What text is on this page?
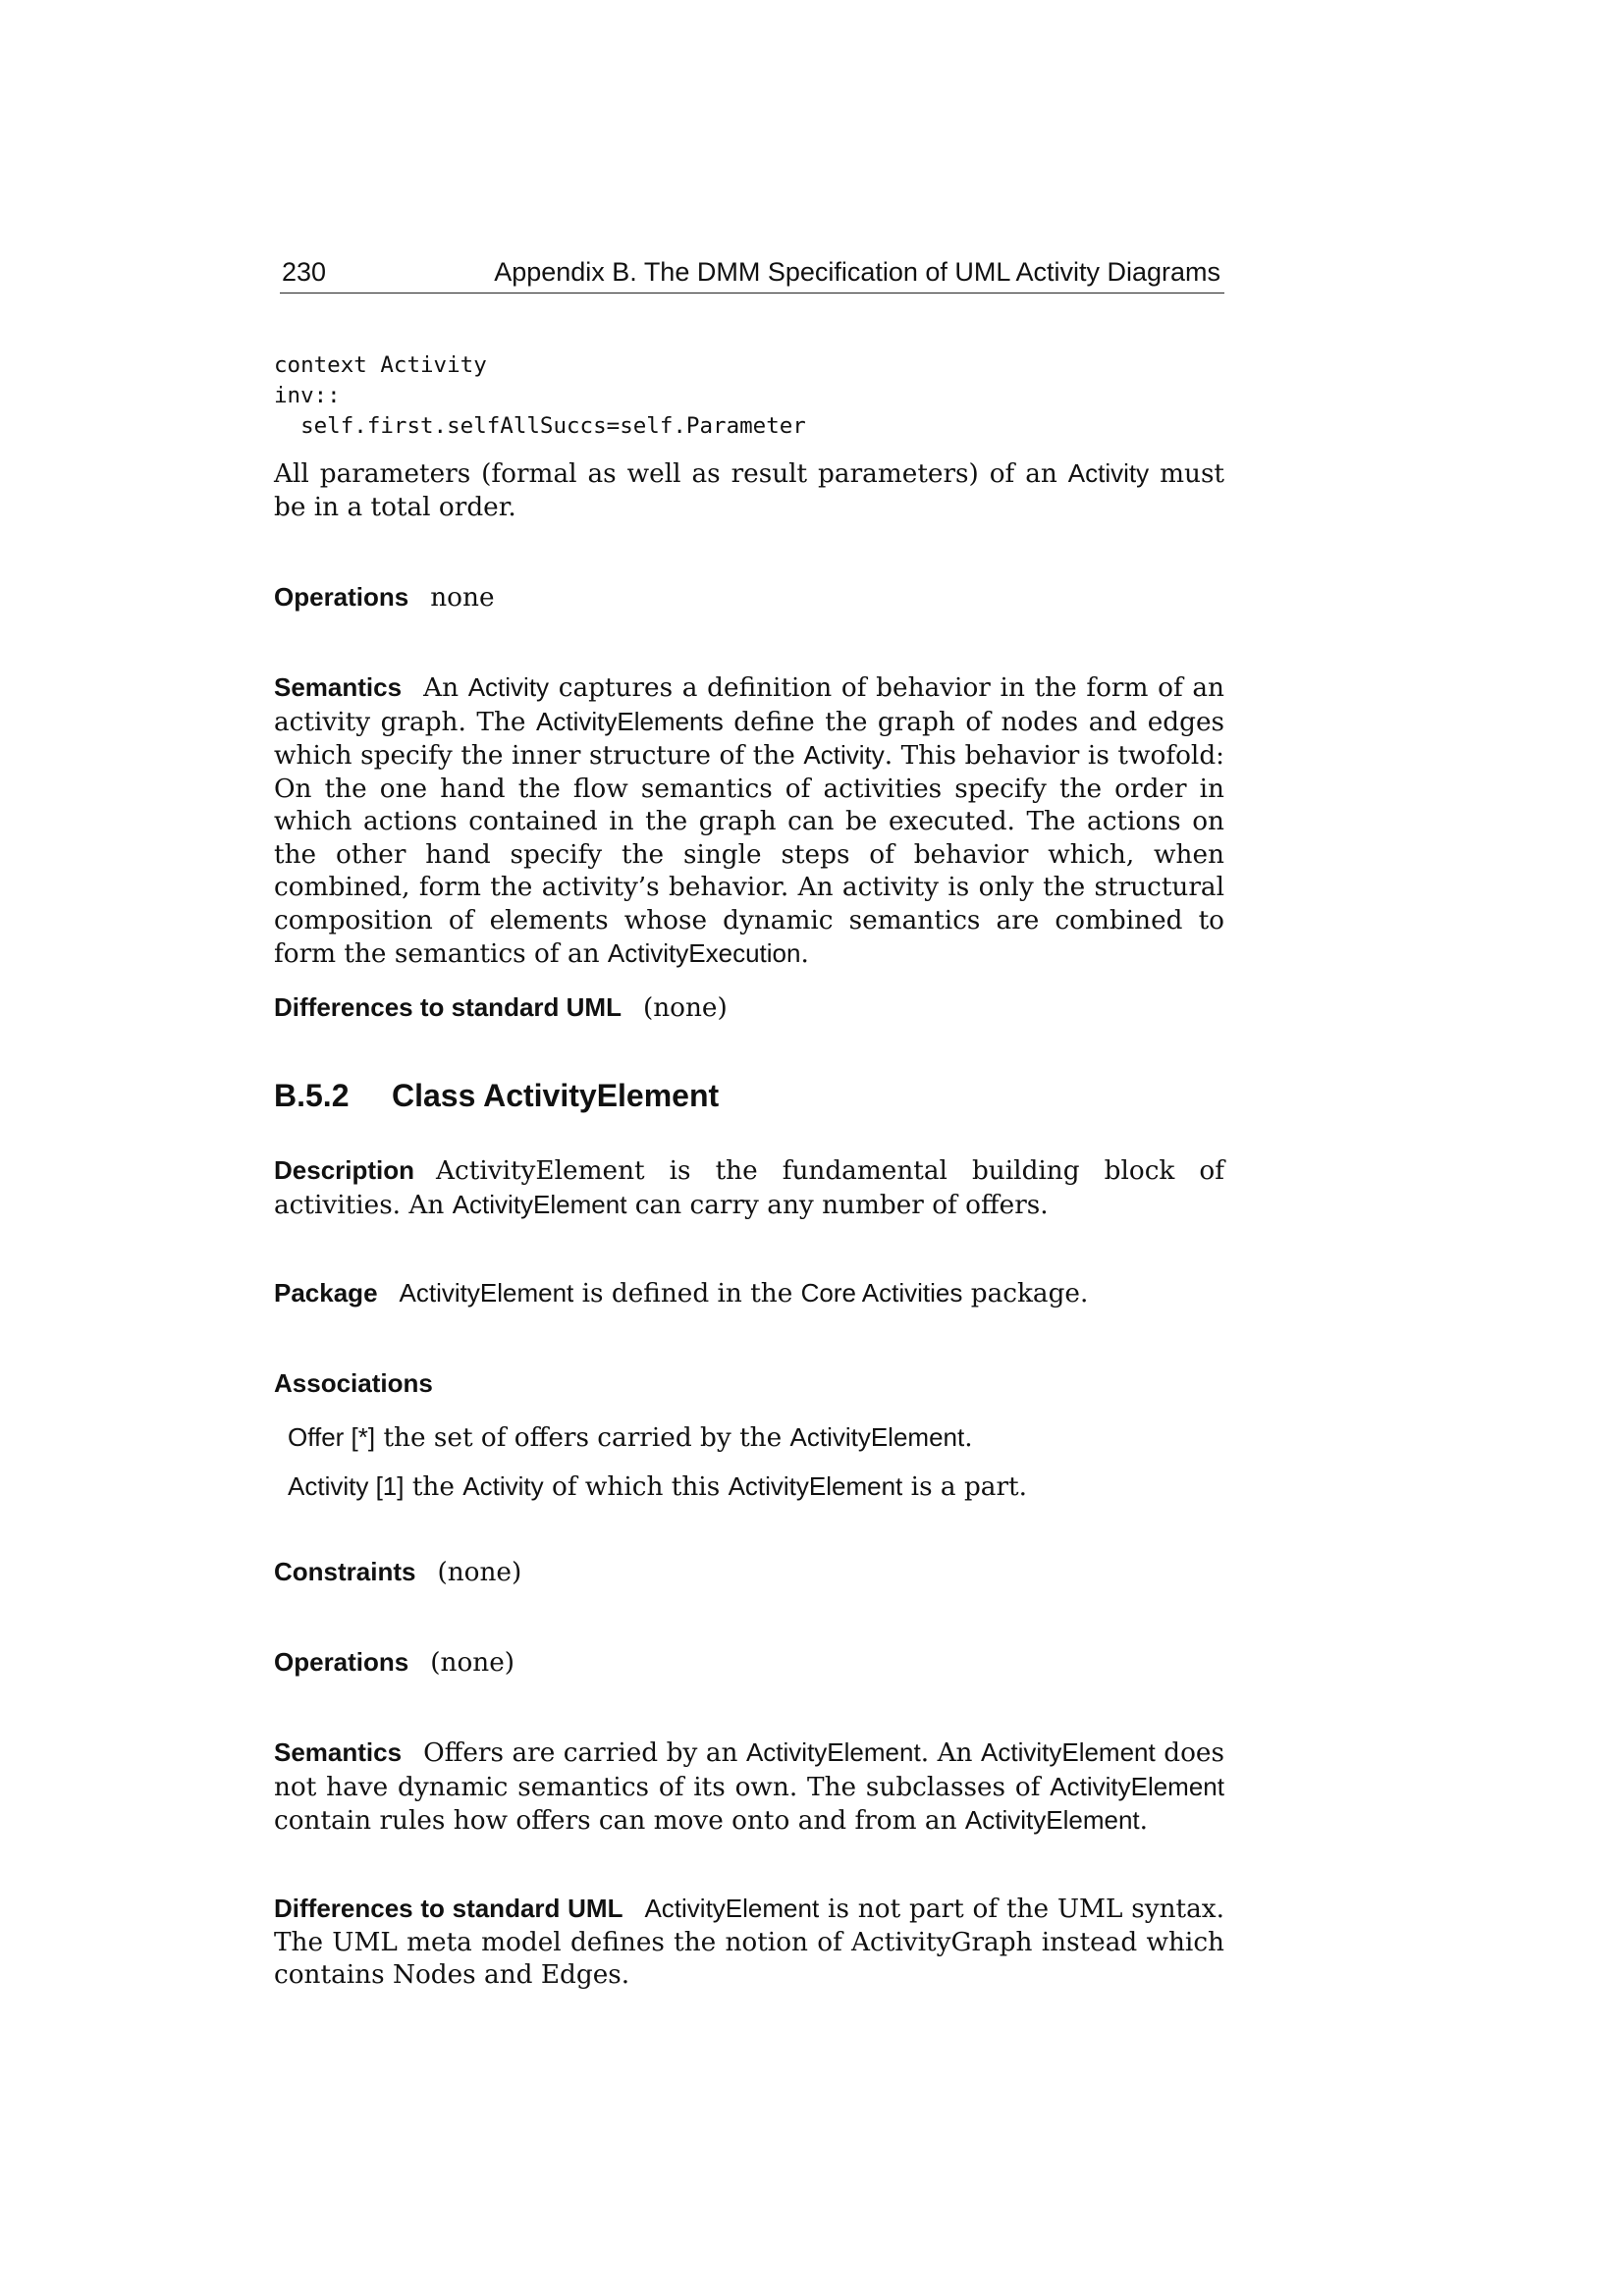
230	Appendix B. The DMM Specification of UML Activity Diagrams
context Activity
inv::
self.first.selfAllSuccs=self.Parameter

All parameters (formal as well as result parameters) of an Activity must be in a total order.

Operations none

Semantics An Activity captures a definition of behavior in the form of an activity graph. The ActivityElements define the graph of nodes and edges which specify the inner structure of the Activity. This behavior is twofold: On the one hand the flow semantics of activities specify the order in which actions contained in the graph can be executed. The actions on the other hand specify the single steps of behavior which, when combined, form the activity’s behavior. An activity is only the structural composition of elements whose dynamic semantics are combined to form the semantics of an ActivityExecution.

Differences to standard UML (none)

B.5.2 Class ActivityElement

Description ActivityElement is the fundamental building block of activities. An ActivityElement can carry any number of offers.

Package ActivityElement is defined in the Core Activities package.

Associations

Offer [*] the set of offers carried by the ActivityElement.

Activity [1] the Activity of which this ActivityElement is a part.

Constraints (none)

Operations (none)

Semantics Offers are carried by an ActivityElement. An ActivityElement does not have dynamic semantics of its own. The subclasses of ActivityElement contain rules how offers can move onto and from an ActivityElement.

Differences to standard UML ActivityElement is not part of the UML syntax. The UML meta model defines the notion of ActivityGraph instead which contains Nodes and Edges.
